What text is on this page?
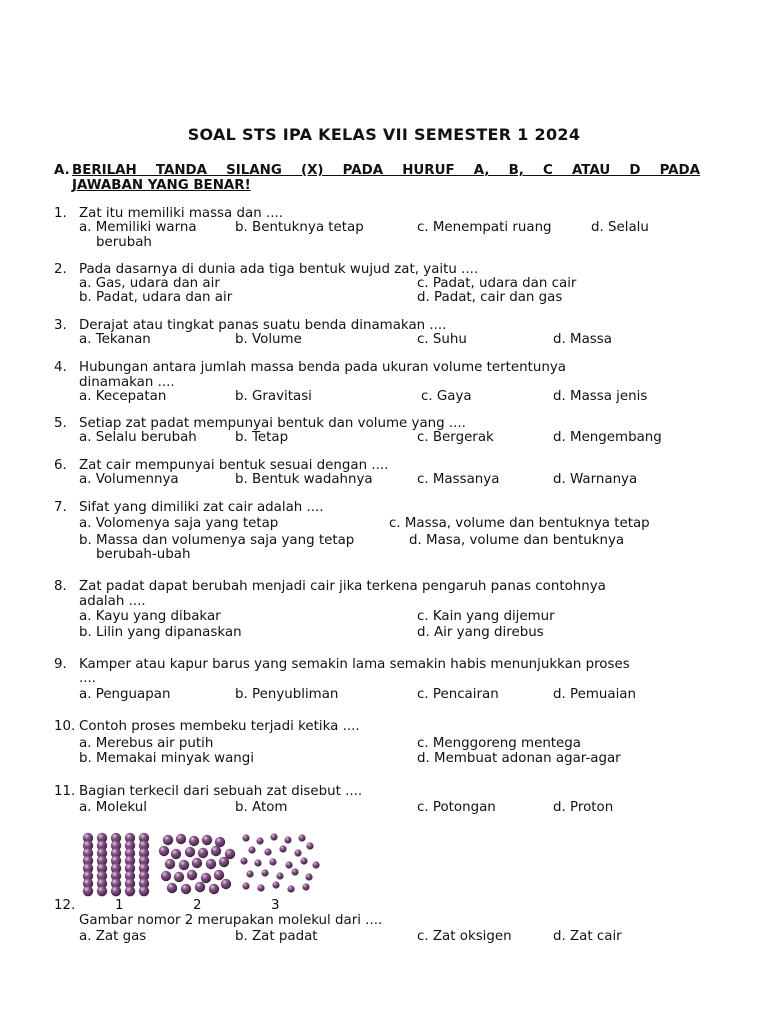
SOAL STS IPA KELAS VII SEMESTER 1 2024
A. BERILAH TANDA SILANG (X) PADA HURUF A, B, C ATAU D PADA
JAWABAN YANG BENAR!
1. Zat itu memiliki massa dan ....
a. Memiliki warna	b. Bentuknya tetap	c. Menempati ruang	d. Selalu
berubah
2. Pada dasarnya di dunia ada tiga bentuk wujud zat, yaitu ....
a. Gas, udara dan air	c. Padat, udara dan cair
b. Padat, udara dan air	d. Padat, cair dan gas
3. Derajat atau tingkat panas suatu benda dinamakan ....
a. Tekanan	b. Volume	c. Suhu	d. Massa
4. Hubungan antara jumlah massa benda pada ukuran volume tertentunya
dinamakan ....
a. Kecepatan	b. Gravitasi	c. Gaya	d. Massa jenis
5. Setiap zat padat mempunyai bentuk dan volume yang ....
a. Selalu berubah	b. Tetap	c. Bergerak	d. Mengembang
6. Zat cair mempunyai bentuk sesuai dengan ....
a. Volumennya	b. Bentuk wadahnya	c. Massanya	d. Warnanya
7. Sifat yang dimiliki zat cair adalah ....
a. Volomenya saja yang tetap	c. Massa, volume dan bentuknya tetap
b. Massa dan volumenya saja yang tetap	d. Masa, volume dan bentuknya
berubah-ubah
8. Zat padat dapat berubah menjadi cair jika terkena pengaruh panas contohnya
adalah ....
a. Kayu yang dibakar	c. Kain yang dijemur
b. Lilin yang dipanaskan	d. Air yang direbus
9. Kamper atau kapur barus yang semakin lama semakin habis menunjukkan proses
....
a. Penguapan	b. Penyubliman	c. Pencairan	d. Pemuaian
10. Contoh proses membeku terjadi ketika ....
a. Merebus air putih	c. Menggoreng mentega
b. Memakai minyak wangi	d. Membuat adonan agar-agar
11. Bagian terkecil dari sebuah zat disebut ....
a. Molekul	b. Atom	c. Potongan	d. Proton
12.	1	2	3
Gambar nomor 2 merupakan molekul dari ....
a. Zat gas	b. Zat padat	c. Zat oksigen	d. Zat cair
